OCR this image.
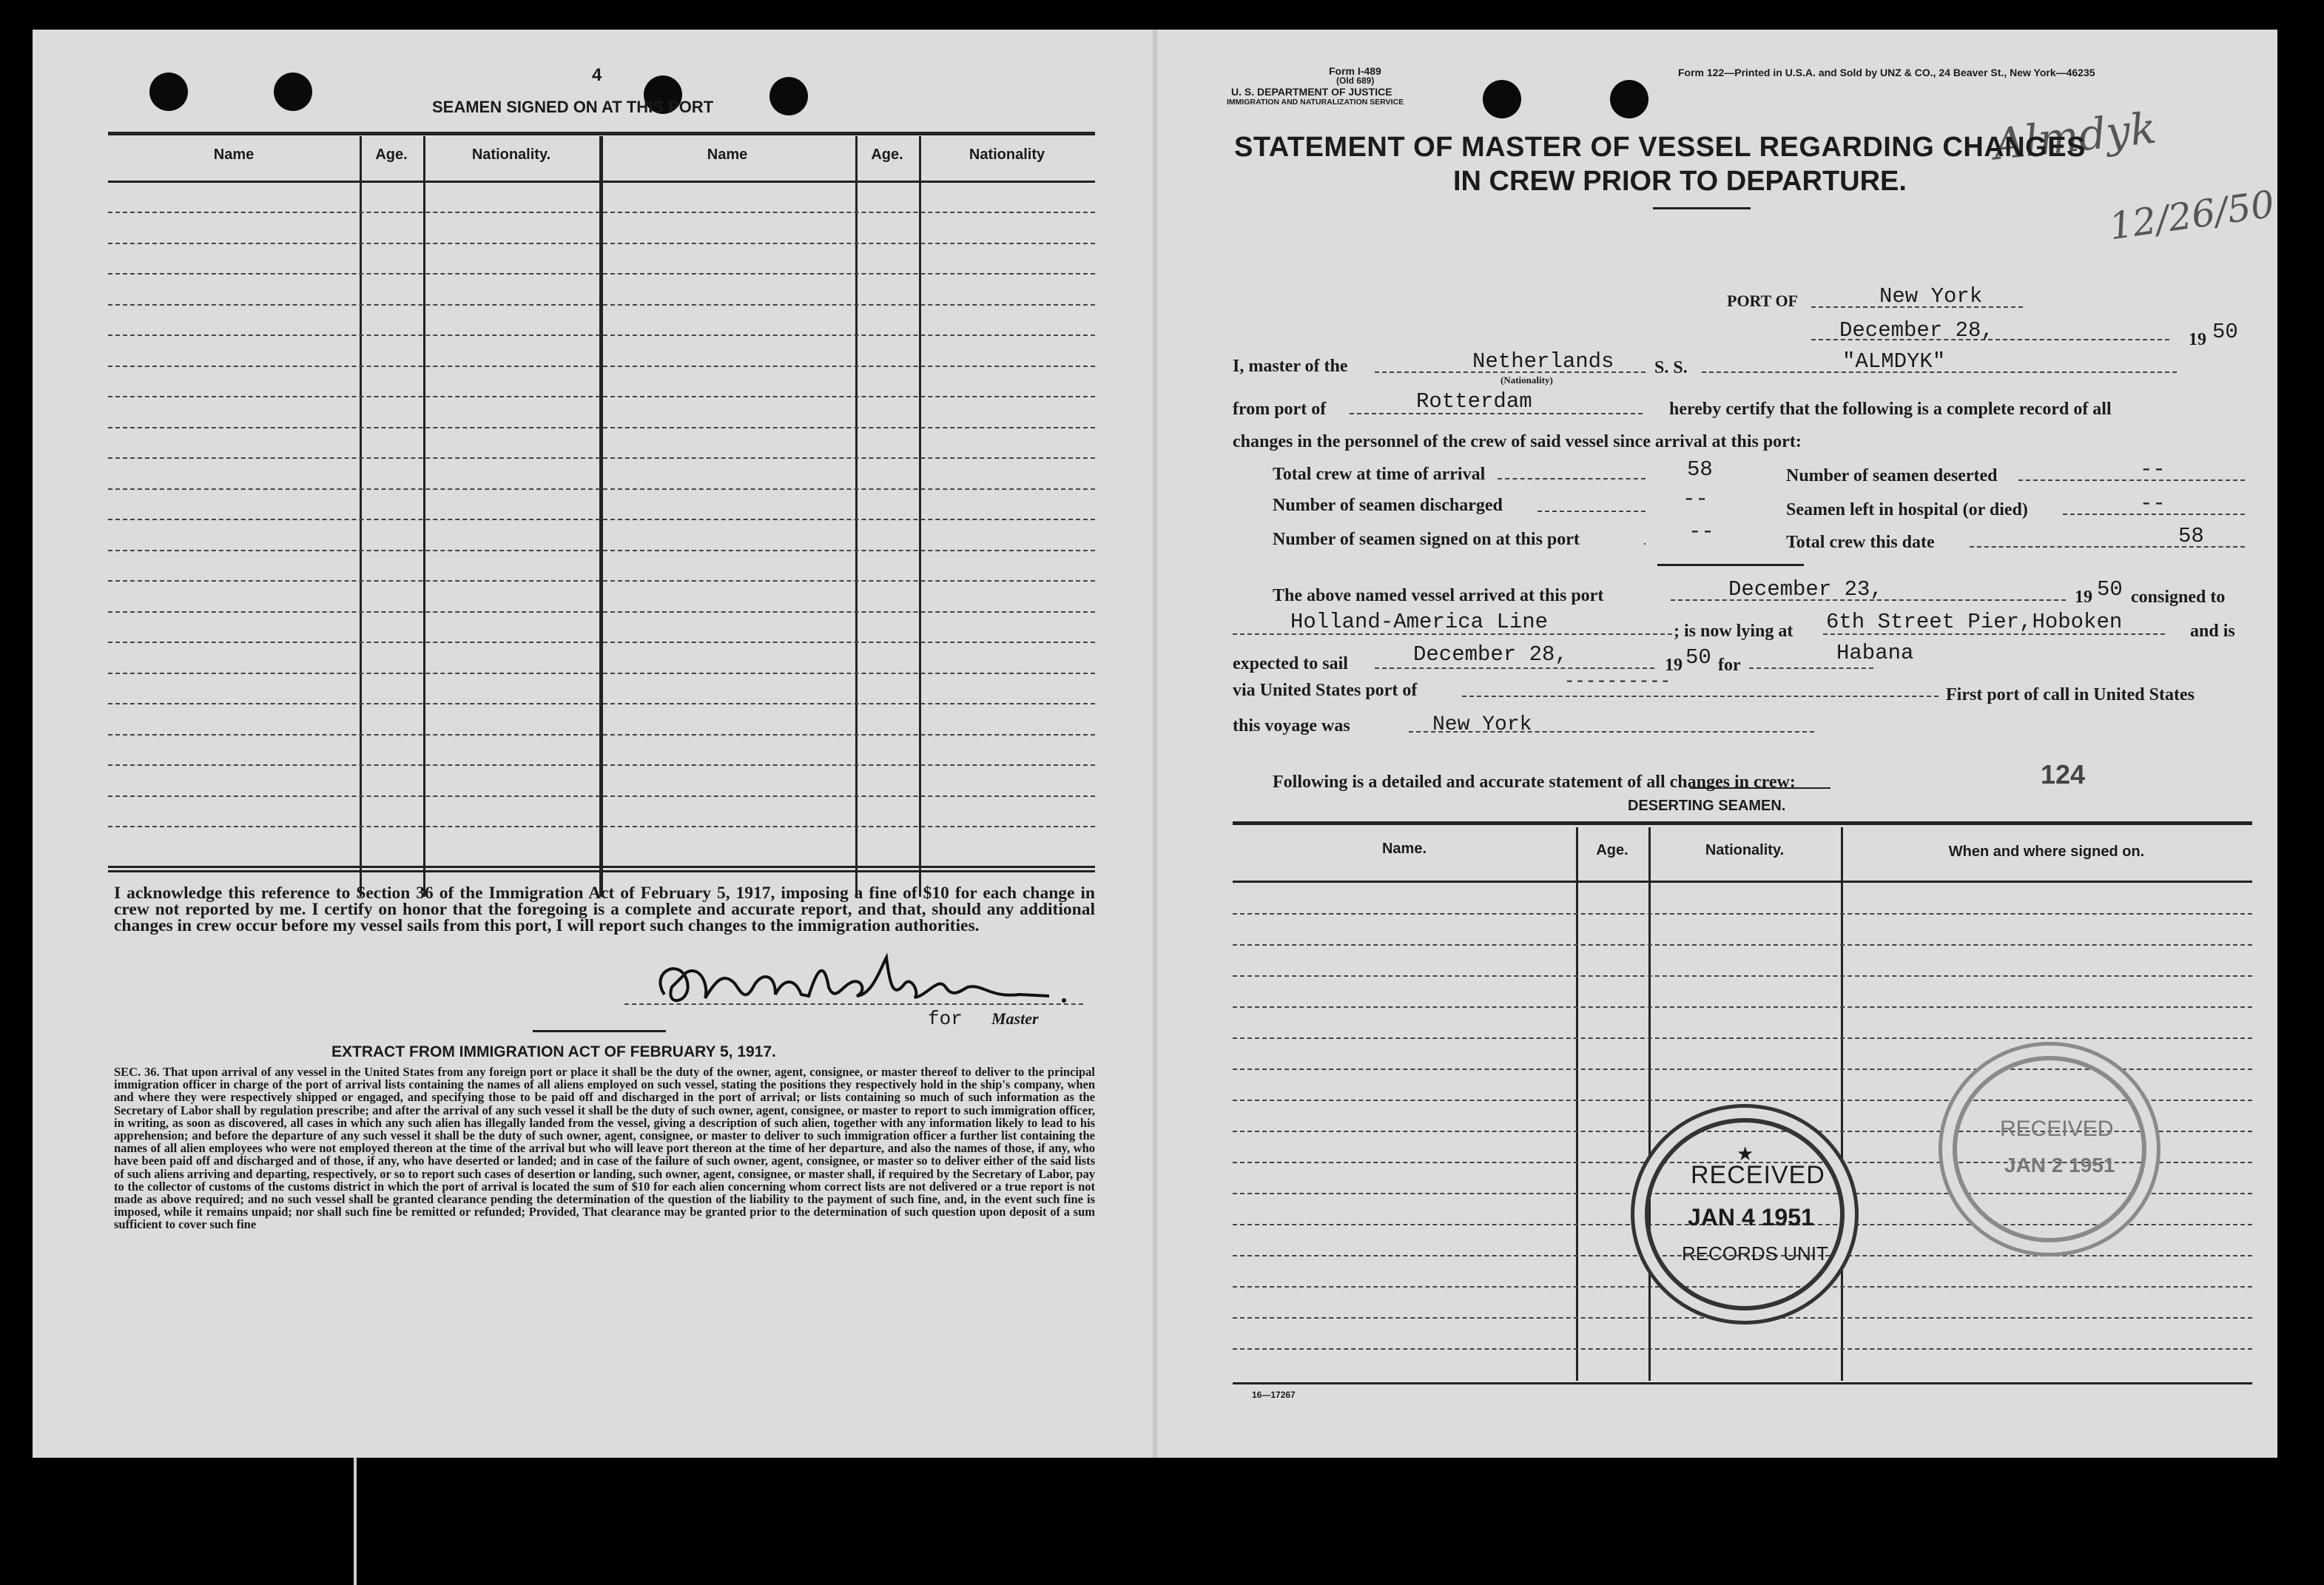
4
SEAMEN SIGNED ON AT THIS PORT
Name	Age.	Nationality.	Name	Age.	Nationality
I acknowledge this reference to Section 36 of the Immigration Act of February 5, 1917, imposing a fine of $10 for each change in crew not reported by me. I certify on honor that the foregoing is a complete and accurate report, and that, should any additional changes in crew occur before my vessel sails from this port, I will report such changes to the immigration authorities.
for Master
EXTRACT FROM IMMIGRATION ACT OF FEBRUARY 5, 1917.
SEC. 36. That upon arrival of any vessel in the United States from any foreign port or place it shall be the duty of the owner, agent, consignee, or master thereof to deliver to the principal immigration officer in charge of the port of arrival lists containing the names of all aliens employed on such vessel, stating the positions they respectively hold in the ship's company, when and where they were respectively shipped or engaged, and specifying those to be paid off and discharged in the port of arrival; or lists containing so much of such information as the Secretary of Labor shall by regulation prescribe; and after the arrival of any such vessel it shall be the duty of such owner, agent, consignee, or master to report to such immigration officer, in writing, as soon as discovered, all cases in which any such alien has illegally landed from the vessel, giving a description of such alien, together with any information likely to lead to his apprehension; and before the departure of any such vessel it shall be the duty of such owner, agent, consignee, or master to deliver to such immigration officer a further list containing the names of all alien employees who were not employed thereon at the time of the arrival but who will leave port thereon at the time of her departure, and also the names of those, if any, who have been paid off and discharged and of those, if any, who have deserted or landed; and in case of the failure of such owner, agent, consignee, or master so to deliver either of the said lists of such aliens arriving and departing, respectively, or so to report such cases of desertion or landing, such owner, agent, consignee, or master shall, if required by the Secretary of Labor, pay to the collector of customs of the customs district in which the port of arrival is located the sum of $10 for each alien concerning whom correct lists are not delivered or a true report is not made as above required; and no such vessel shall be granted clearance pending the determination of the question of the liability to the payment of such fine, and, in the event such fine is imposed, while it remains unpaid; nor shall such fine be remitted or refunded; Provided, That clearance may be granted prior to the determination of such question upon deposit of a sum sufficient to cover such fine
Form I-489
(Old 689)
U. S. DEPARTMENT OF JUSTICE
IMMIGRATION AND NATURALIZATION SERVICE
Form 122—Printed in U.S.A. and Sold by UNZ & CO., 24 Beaver St., New York—46235
Almdyk
12/26/50
STATEMENT OF MASTER OF VESSEL REGARDING CHANGES
IN CREW PRIOR TO DEPARTURE.
PORT OF	New York
December 28,	19 50
I, master of the	Netherlands
(Nationality)
S. S.	"ALMDYK"
from port of	Rotterdam	hereby certify that the following is a complete record of all
changes in the personnel of the crew of said vessel since arrival at this port:
Total crew at time of arrival	58	Number of seamen deserted	--
Number of seamen discharged	--	Seamen left in hospital (or died)	--
Number of seamen signed on at this port	--	Total crew this date	58
The above named vessel arrived at this port	December 23,	19 50 consigned to
Holland-America Line	; is now lying at 6th Street Pier,Hoboken	and is
expected to sail	December 28,	19 50 for	Habana
via United States port of	----------
First port of call in United States
this voyage was	New York
Following is a detailed and accurate statement of all changes in crew:	124
DESERTING SEAMEN.
Name.	Age.	Nationality.	When and where signed on.
16—17267
★
RECEIVED
JAN 4 1951
RECORDS UNIT
RECEIVED
JAN 2 1951
